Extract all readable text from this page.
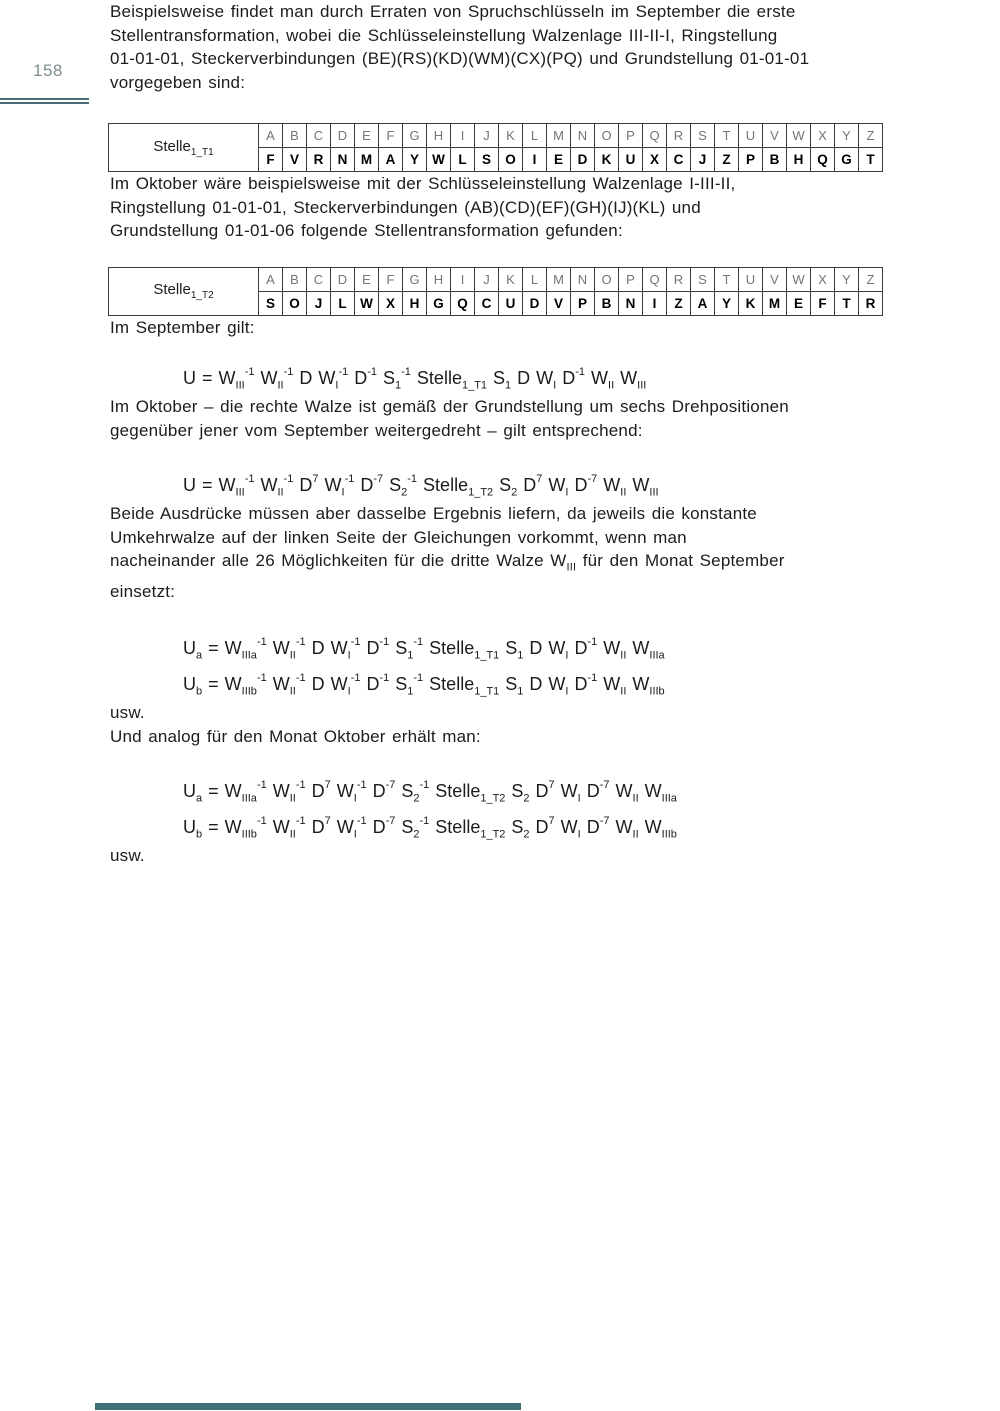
158

Beispielsweise findet man durch Erraten von Spruchschlüsseln im September die erste
Stellentransformation, wobei die Schlüsseleinstellung Walzenlage III-II-I, Ringstellung
01-01-01, Steckerverbindungen (BE)(RS)(KD)(WM)(CX)(PQ) und Grundstellung 01-01-01
vorgegeben sind:

Stelle$_{1\_T1}$	A	B	C	D	E	F	G	H	I	J	K	L	M	N	O	P	Q	R	S	T	U	V	W	X	Y	Z
	F	V	R	N	M	A	Y	W	L	S	O	I	E	D	K	U	X	C	J	Z	P	B	H	Q	G	T

Im Oktober wäre beispielsweise mit der Schlüsseleinstellung Walzenlage I-III-II,
Ringstellung 01-01-01, Steckerverbindungen (AB)(CD)(EF)(GH)(IJ)(KL) und
Grundstellung 01-01-06 folgende Stellentransformation gefunden:

Stelle$_{1\_T2}$	A	B	C	D	E	F	G	H	I	J	K	L	M	N	O	P	Q	R	S	T	U	V	W	X	Y	Z
	S	O	J	L	W	X	H	G	Q	C	U	D	V	P	B	N	I	Z	A	Y	K	M	E	F	T	R

Im September gilt:

$U = W_{III}^{-1}$ $W_{II}^{-1}$ D $W_I^{-1}$ $D^{-1}$ $S_1^{-1}$ Stelle$_{1\_T1}$ $S_1$ D $W_I$ $D^{-1}$ $W_{II}$ $W_{III}$

Im Oktober – die rechte Walze ist gemäß der Grundstellung um sechs Drehpositionen
gegenüber jener vom September weitergedreht – gilt entsprechend:

$U = W_{III}^{-1}$ $W_{II}^{-1}$ $D^7$ $W_I^{-1}$ $D^{-7}$ $S_2^{-1}$ Stelle$_{1\_T2}$ $S_2$ $D^7$ $W_I$ $D^{-7}$ $W_{II}$ $W_{III}$

Beide Ausdrücke müssen aber dasselbe Ergebnis liefern, da jeweils die konstante
Umkehrwalze auf der linken Seite der Gleichungen vorkommt, wenn man
nacheinander alle 26 Möglichkeiten für die dritte Walze $W_{III}$ für den Monat September
einsetzt:

$U_a = W_{IIIa}^{-1}$ $W_{II}^{-1}$ D $W_I^{-1}$ $D^{-1}$ $S_1^{-1}$ Stelle$_{1\_T1}$ $S_1$ D $W_I$ $D^{-1}$ $W_{II}$ $W_{IIIa}$
$U_b = W_{IIIb}^{-1}$ $W_{II}^{-1}$ D $W_I^{-1}$ $D^{-1}$ $S_1^{-1}$ Stelle$_{1\_T1}$ $S_1$ D $W_I$ $D^{-1}$ $W_{II}$ $W_{IIIb}$

usw.

Und analog für den Monat Oktober erhält man:

$U_a = W_{IIIa}^{-1}$ $W_{II}^{-1}$ $D^7$ $W_I^{-1}$ $D^{-7}$ $S_2^{-1}$ Stelle$_{1\_T2}$ $S_2$ $D^7$ $W_I$ $D^{-7}$ $W_{II}$ $W_{IIIa}$
$U_b = W_{IIIb}^{-1}$ $W_{II}^{-1}$ $D^7$ $W_I^{-1}$ $D^{-7}$ $S_2^{-1}$ Stelle$_{1\_T2}$ $S_2$ $D^7$ $W_I$ $D^{-7}$ $W_{II}$ $W_{IIIb}$

usw.
